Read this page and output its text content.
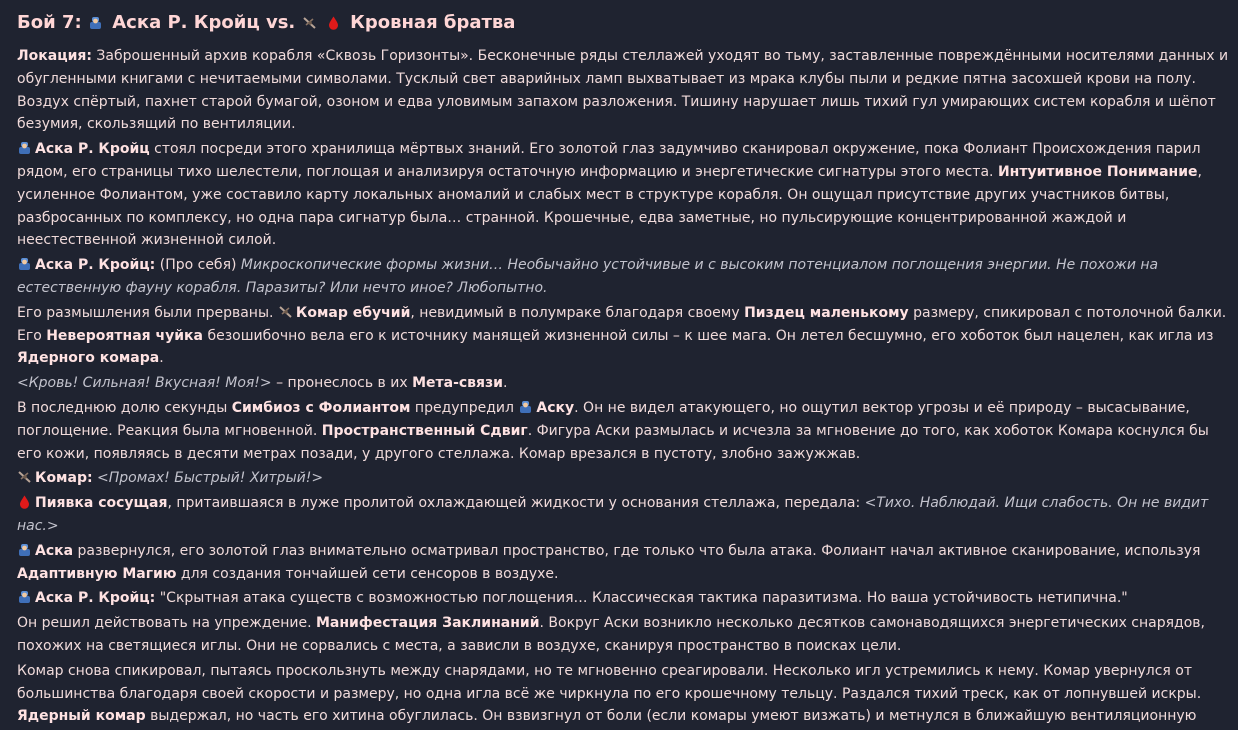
Бой 7: Аска Р. Кройц vs.
	Кровная братва

Локация: Заброшенный архив корабля «Сквозь Горизонты». Бесконечные ряды стеллажей уходят во тьму, заставленные повреждёнными носителями данных и обугленными книгами с нечитаемыми символами. Тусклый свет аварийных ламп выхватывает из мрака клубы пыли и редкие пятна засохшей крови на полу. Воздух спёртый, пахнет старой бумагой, озоном и едва уловимым запахом разложения. Тишину нарушает лишь тихий гул умирающих систем корабля и шёпот безумия, скользящий по вентиляции.

Аска Р. Кройц стоял посреди этого хранилища мёртвых знаний. Его золотой глаз задумчиво сканировал окружение, пока Фолиант Происхождения парил рядом, его страницы тихо шелестели, поглощая и анализируя остаточную информацию и энергетические сигнатуры этого места. Интуитивное Понимание, усиленное Фолиантом, уже составило карту локальных аномалий и слабых мест в структуре корабля. Он ощущал присутствие других участников битвы, разбросанных по комплексу, но одна пара сигнатур была… странной. Крошечные, едва заметные, но пульсирующие концентрированной жаждой и неестественной жизненной силой.

Аска Р. Кройц: (Про себя) Микроскопические формы жизни… Необычайно устойчивые и с высоким потенциалом поглощения энергии. Не похожи на естественную фауну корабля. Паразиты? Или нечто иное? Любопытно.

Его размышления были прерваны.
Комар ебучий, невидимый в полумраке благодаря своему Пиздец маленькому размеру, спикировал с потолочной балки. Его Невероятная чуйка безошибочно вела его к источнику манящей жизненной силы – к шее мага. Он летел бесшумно, его хоботок был нацелен, как игла из Ядерного комара.

<Кровь! Сильная! Вкусная! Моя!> – пронеслось в их Мета-связи.

В последнюю долю секунды Симбиоз с Фолиантом предупредил
Аску. Он не видел атакующего, но ощутил вектор угрозы и её природу – высасывание, поглощение. Реакция была мгновенной. Пространственный Сдвиг. Фигура Аски размылась и исчезла за мгновение до того, как хоботок Комара коснулся бы его кожи, появляясь в десяти метрах позади, у другого стеллажа. Комар врезался в пустоту, злобно зажужжав.

Комар: <Промах! Быстрый! Хитрый!>

Пиявка сосущая, притаившаяся в луже пролитой охлаждающей жидкости у основания стеллажа, передала: <Тихо. Наблюдай. Ищи слабость. Он не видит нас.>

Аска развернулся, его золотой глаз внимательно осматривал пространство, где только что была атака. Фолиант начал активное сканирование, используя Адаптивную Магию для создания тончайшей сети сенсоров в воздухе.

Аска Р. Кройц: "Скрытная атака существ с возможностью поглощения… Классическая тактика паразитизма. Но ваша устойчивость нетипична."

Он решил действовать на упреждение. Манифестация Заклинаний. Вокруг Аски возникло несколько десятков самонаводящихся энергетических снарядов, похожих на светящиеся иглы. Они не сорвались с места, а зависли в воздухе, сканируя пространство в поисках цели.

Комар снова спикировал, пытаясь проскользнуть между снарядами, но те мгновенно среагировали. Несколько игл устремились к нему. Комар увернулся от большинства благодаря своей скорости и размеру, но одна игла всё же чиркнула по его крошечному тельцу. Раздался тихий треск, как от лопнувшей искры. Ядерный комар выдержал, но часть его хитина обуглилась. Он взвизгнул от боли (если комары умеют визжать) и метнулся в ближайшую вентиляционную
